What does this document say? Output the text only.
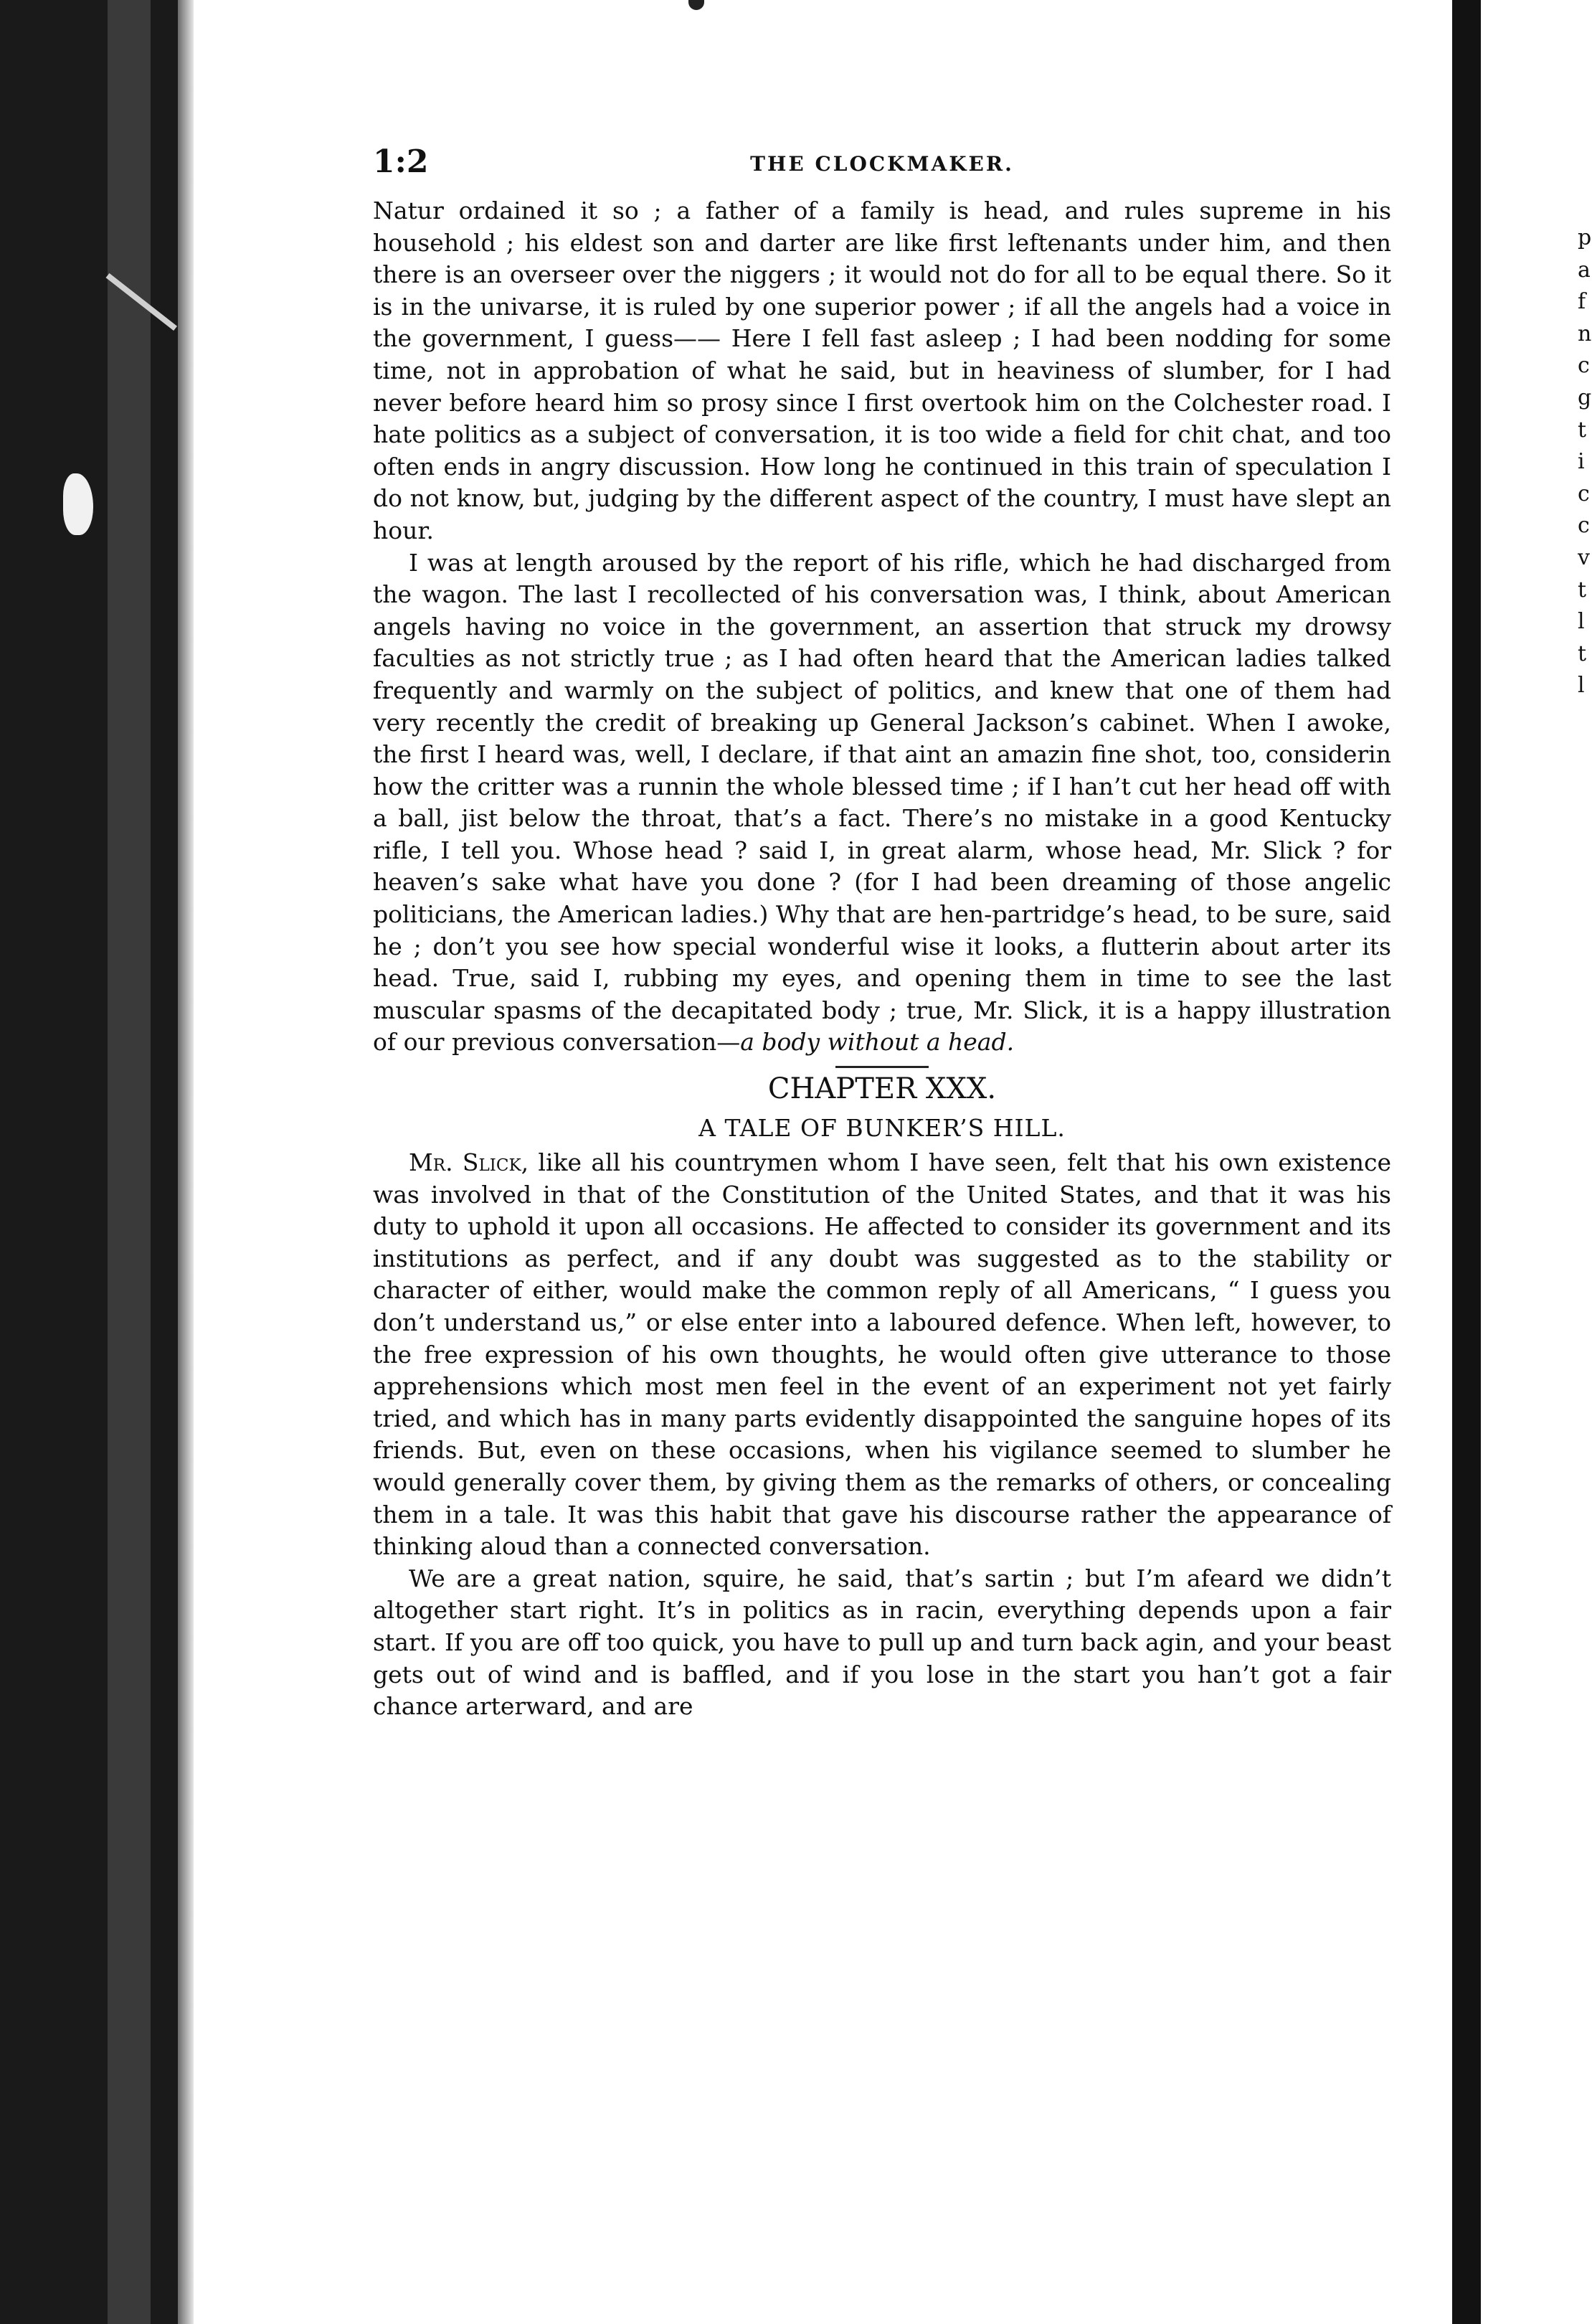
p
a
f
n
c
g
t
i
c
c
v
t
l
t
l
1:2	THE CLOCKMAKER.

Natur ordained it so ; a father of a family is head, and rules supreme in his household ; his eldest son and darter are like first leftenants under him, and then there is an overseer over the niggers ; it would not do for all to be equal there. So it is in the univarse, it is ruled by one superior power ; if all the angels had a voice in the government, I guess—— Here I fell fast asleep ; I had been nodding for some time, not in approbation of what he said, but in heaviness of slumber, for I had never before heard him so prosy since I first overtook him on the Colchester road. I hate politics as a subject of conversation, it is too wide a field for chit chat, and too often ends in angry discussion. How long he continued in this train of speculation I do not know, but, judging by the different aspect of the country, I must have slept an hour.

I was at length aroused by the report of his rifle, which he had discharged from the wagon. The last I recollected of his conversation was, I think, about American angels having no voice in the government, an assertion that struck my drowsy faculties as not strictly true ; as I had often heard that the American ladies talked frequently and warmly on the subject of politics, and knew that one of them had very recently the credit of breaking up General Jackson’s cabinet. When I awoke, the first I heard was, well, I declare, if that aint an amazin fine shot, too, considerin how the critter was a runnin the whole blessed time ; if I han’t cut her head off with a ball, jist below the throat, that’s a fact. There’s no mistake in a good Kentucky rifle, I tell you. Whose head ? said I, in great alarm, whose head, Mr. Slick ? for heaven’s sake what have you done ? (for I had been dreaming of those angelic politicians, the American ladies.) Why that are hen-partridge’s head, to be sure, said he ; don’t you see how special wonderful wise it looks, a flutterin about arter its head. True, said I, rubbing my eyes, and opening them in time to see the last muscular spasms of the decapitated body ; true, Mr. Slick, it is a happy illustration of our previous conversation—a body without a head.

CHAPTER XXX.
A TALE OF BUNKER’S HILL.

Mr. Slick, like all his countrymen whom I have seen, felt that his own existence was involved in that of the Constitution of the United States, and that it was his duty to uphold it upon all occasions. He affected to consider its government and its institutions as perfect, and if any doubt was suggested as to the stability or character of either, would make the common reply of all Americans, “ I guess you don’t understand us,” or else enter into a laboured defence. When left, however, to the free expression of his own thoughts, he would often give utterance to those apprehensions which most men feel in the event of an experiment not yet fairly tried, and which has in many parts evidently disappointed the sanguine hopes of its friends. But, even on these occasions, when his vigilance seemed to slumber he would generally cover them, by giving them as the remarks of others, or concealing them in a tale. It was this habit that gave his discourse rather the appearance of thinking aloud than a connected conversation.

We are a great nation, squire, he said, that’s sartin ; but I’m afeard we didn’t altogether start right. It’s in politics as in racin, everything depends upon a fair start. If you are off too quick, you have to pull up and turn back agin, and your beast gets out of wind and is baffled, and if you lose in the start you han’t got a fair chance arterward, and are
